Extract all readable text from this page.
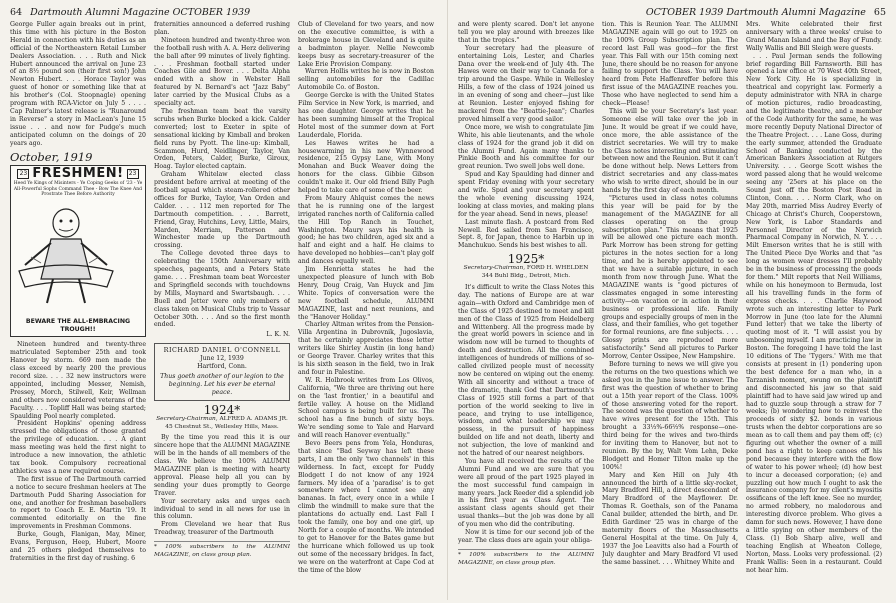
64 Dartmouth Alumni Magazine OCTOBER 1939

George Fuller again breaks out in print, this time with his picture in the Boston Herald in connection with his duties as an official of the Northeastern Retail Lumber Dealers Association. . . . Ruth and Nick Hubert announced the arrival on June 23 of an 8½ pound son (their first son!) John Newton Hubert. . . . Horace Taylor was guest of honor or something like that at his brother's (Col. Stoopnagle) opening program with RCA-Victor on July 5 . . . . Cap Palmer's latest release is "Runaround in Reverse" a story in MacLean's June 15 issue . . . and now for Pudge's much anticipated column on the doings of 20 years ago.

October, 1919
23 FRESHMEN! 23
Heed Ye Kings of Misinters - Ye Coping Geeks of '23 - Ye All-Powerful Sophs Command Thee - Bow The Knee And Prostrate Thee Before Authority
BEWARE THE ALL-EMBRACING TROUGH!!

Nineteen hundred and twenty-three matriculated September 25th and took Hanover by storm. 669 men made the class exceed by nearly 200 the previous record size. . . . 32 new instructors were appointed, including Messer, Nemish, Pressey, Morch, Stilwell, Keir, Wellman and others now considered veterans of the Faculty. . . . Topliff Hall was being started; Spaulding Pool nearly completed.

President Hopkins' opening address stressed the obligations of those granted the privilege of education. . . . A giant mass meeting was held the first night to introduce a new innovation, the athletic tax book. Compulsory recreational athletics was a new required course.

The first issue of The Dartmouth carried a notice to secure freshman heelers at The Dartmouth Pudd Sharing Association for one, and another for freshman baseballers to report to Coach E. E. Martin '19. It commented editorially on the fine improvements in Freshman Commons.

Burke, Gough, Flanigan, May, Miner, Evans, Ferguson, Heep, Hubert, Moore and 25 others pledged themselves to fraternities in the first day of rushing. 6

fraternities announced a deferred rushing plan.

Nineteen hundred and twenty-three won the football rush with A. A. Herz delivering the ball after 99 minutes of lively fighting. . . . Freshman football started under Coaches Gile and Bover. . . . Delta Alpha ended with a show in Webster Hall featured by N. Bernard's act "Jazz Baby" later carried by the Musical Clubs as a specialty act.

The freshman team beat the varsity scrubs when Burke blocked a kick. Calder converted; lost to Exeter in spite of sensational kicking by Kimball and broken field runs by Pyott. The line-up: Kimball, Scammon, Hurd, Neidlinger, Taylor, Van Orden, Peters, Calder, Burke, Giroux, Hoag. Taylor elected captain.

Graham Whitelaw elected class president before arrival at meeting of the football squad which steam-rollered other offices for Burke, Taylor, Van Orden and Calder. . . . 112 men reported for The Dartmouth competition. . . . Barrett, Friend, Gray, Hutchins, Levy, Little, Mairs, Marden, Merriam, Patterson and Winchester made up the Dartmouth crossing.

The College devoted three days to celebrating the 150th Anniversary with speeches, pageants, and a Peters State game. . . . Freshman team beat Worcester and Springfield seconds with touchdowns by Mills, Maynard and Swartsbaugh. . . . Buell and Jetter were only members of class taken on Musical Clubs trip to Vassar October 30th. . . . And so the first month ended.

L. K. N.
RICHARD DANIEL O'CONNELL
June 12, 1939
Hartford, Conn.
Thus goeth another of our legion to the beginning. Let his ever be eternal peace.
1924*
Secretary-Chairman, ALFRED A. ADAMS JR.
45 Chestnut St., Wellesley Hills, Mass.

By the time you read this it is our sincere hope that the ALUMNI MAGAZINE will be in the hands of all members of the class. We believe the 100% ALUMNI MAGAZINE plan is meeting with hearty approval. Please help all you can by sending your dues promptly to George Traver.

Your secretary asks and urges each individual to send in all news for use in this column.

From Cleveland we hear that Rus Treadway, treasurer of the Dartmouth

* 100% subscribers to the ALUMNI MAGAZINE, on class group plan.

Club of Cleveland for two years, and now on the executive committee, is with a brokerage house in Cleveland and is quite a badminton player. Nellie Newcomb keeps busy as secretary-treasurer of the Lake Erie Provision Company.

Warren Hollis writes he is now in Boston selling automobiles for the Cadillac Automobile Co. of Boston.

George Gercke is with the United States Film Service in New York, is married, and has one daughter. George writes that he has been summing himself at the Tropical Hotel most of the summer down at Fort Lauderdale, Florida.

Les Hawes writes he had a housewarming in his new Wynnewood residence, 215 Gypsy Lane, with Mony Monahan and Buck Weaver doing the honors for the class. Gibbie Gibson couldn't make it. Our old friend Billy Pugh helped to take care of some of the beer.

From Maury Ahlquist comes the news that he is running one of the largest irrigated ranches north of California called the Hill Top Ranch in Touchet, Washington. Maury says his health is good; he has two children, aged six and a half and eight and a half. He claims to have developed no hobbies—can't play golf and dances equally well.

Jim Henrietta states he had the unexpected pleasure of lunch with Bob Henry, Doug Craig, Van Huyck and Jim White. Topics of conversation were the new football schedule, ALUMNI MAGAZINE, last and next reunions, and the "Hanover Holiday."

Charley Altman writes from the Pension-Villa Argentina in Dubrovnik, Jugoslavia, that he certainly appreciates those letter writers like Shirley Austin (in long hand) or George Traver. Charley writes that this is his sixth season in the field, two in Irak and four in Palestine.

W. R. Holbrook writes from Los Olivos, California, "We three are thriving out here on the 'last frontier,' in a beautiful and fertile valley. A house on the Midland School campus is being built for us. The school has a fine bunch of sixty boys. We're sending some to Yale and Harvard and will reach Hanover eventually."

Bevo Beers pens from Yela, Honduras, that since "Bad Seyway has left these parts, I am the only 'two channels' in this wilderness. In fact, except for Puddy Blodgett I do not know of any 1924 farmers. My idea of a 'paradise' is to get somewhere where I cannot see any bananas. In fact, every once in a while I climb the windmill to make sure that the plantations do actually end. Last Fall I took the family, one boy and one girl, up North for a couple of months. We intended to get to Hanover for the Bates game but the hurricane which followed us up took out some of the necessary bridges. In fact, we were on the waterfront at Cape Cod at the time of the blow

OCTOBER 1939 Dartmouth Alumni Magazine 65

and were plenty scared. Don't let anyone tell you we play around with breezes like that in the tropics."

Your secretary had the pleasure of entertaining Lois, Lester, and Charles Dana over the week-end of July 4th. The Hawes were on their way to Canada for a trip around the Gaspe. While in Wellesley Hills, a few of the class of 1924 joined us in an evening of song and cheer—just like at Reunion. Lester enjoyed fishing for mackerel from the "Beattie-Jean"; Charles proved himself a very good sailor.

Once more, we wish to congratulate Jim White, his able lieutenants, and the whole class of 1924 for the grand job it did on the Alumni Fund. Again many thanks to Pinkie Booth and his committee for our great reunion. Two swell jobs well done.

Spud and Kay Spaulding had dinner and spent Friday evening with your secretary and wife. Spud and your secretary spent the whole evening discussing 1924, looking at class movies, and making plans for the year ahead. Send in news, please!

Last minute flash. A postcard from Red Newell. Red sailed from San Francisco, Sept. 8, for Japan, thence to Harbin up in Manchukuo. Sends his best wishes to all.

1925*
Secretary-Chairman, FORD H. WHELDEN
344 Buhl Bldg., Detroit, Mich.

It's difficult to write the Class Notes this day. The nations of Europe are at war again—with Oxford and Cambridge men of the Class of 1925 destined to meet and kill men of the Class of 1925 from Heidelberg and Wittenberg. All the progress made by the great world powers in science and in wisdom now will be turned to thoughts of death and destruction. All the combined intelligences of hundreds of millions of so-called civilized people must of necessity now be centered on wiping out the enemy. With all sincerity and without a trace of the dramatic, thank God that Dartmouth's Class of 1925 still forms a part of that portion of the world seeking to live in peace, and trying to use intelligence, wisdom, and what leadership we may possess, in the pursuit of happiness builded on life and not death, liberty and not subjection, the love of mankind and not the hatred of our nearest neighbors.

You have all received the results of the Alumni Fund and we are sure that you were all proud of the part 1925 played in the most successful fund campaign in many years. Jack Reeder did a splendid job in his first year as Class Agent. The assistant class agents should get their usual thanks—but the job was done by all of you men who did the contributing.

Now it is time for our second job of the year. The class dues are again your obliga-

* 100% subscribers to the ALUMNI MAGAZINE, on class group plan.

tion. This is Reunion Year. The ALUMNI MAGAZINE again will go out to 1925 on the 100% Group Subscription plan. The record last Fall was good—for the first year. This Fall with our 15th coming next June, there should be no reason for anyone failing to support the Class. You will have heard from Pete Haffenreffer before this first issue of the MAGAZINE reaches you. Those who have neglected to send him a check—Please!

This will be your Secretary's last year. Someone else will take over the job in June. It would be great if we could have, once more, the able assistance of the district secretaries. We will try to make the Class notes interesting and stimulating between now and the Reunion. But it can't be done without help. News Letters from district secretaries and any class-mates who wish to write direct, should be in our hands by the first day of each month.

"Pictures used in class notes columns this year will be paid for by the management of the MAGAZINE for all classes operating on the group subscription plan." This means that 1925 will be allowed one picture each month. Park Morrow has been strong for getting pictures in the notes section for a long time, and he is hereby appointed to see that we have a suitable picture, in each month from now through June. What the MAGAZINE wants is "good pictures of classmates engaged in some interesting activity—on vacation or in action in their business or professional life. Family groups and especially groups of men in the class, and their families, who get together for formal reunions, are fine subjects. . . . Glossy prints are reproduced more satisfactorily." Send all pictures to Parker Morrow, Center Ossipee, New Hampshire.

Before turning to news we will give you the returns on the two questions which we asked you in the June issue to answer. The first was the question of whether to bring out a 15th year report of the Class. 100% of those answering voted for the report. The second was the question of whether to have wives present for the 15th. This brought a 33⅓%-66⅔% response—one-third being for the wives and two-thirds for inviting them to Hanover, but not to reunion. By the by, Walt Vom Lehn, Deke Blodgett and Homer Tilton make up the 100%!

Mary and Ken Hill on July 4th announced the birth of a little sky-rocket, Mary Bradford Hill, a direct descendant of Mary Bradford of the Mayflower. Dr. Thomas R. Goethals, son of the Panama Canal builder, attended the birth, and Dr. Edith Gardiner '25 was in charge of the maternity floors of the Massachusetts General Hospital at the time. On July 4, 1937 the Joe Leavitts also had a Fourth of July daughter and Mary Bradford VI used the same bassinet. . . . Whitney White and

Mrs. White celebrated their first anniversary with a three weeks' cruise to Grand Manan Island and the Bay of Fundy. Wally Wallis and Bill Sleigh were guests.

. . . Paul Jerman sends the following brief regarding Bill Farnsworth. Bill has opened a law office at 70 West 40th Street, New York City. He is specializing in theatrical and copyright law. Formerly a deputy administrator with NRA in charge of motion pictures, radio broadcasting, and the legitimate theatre, and a member of the Code Authority for the same, he was more recently Deputy National Director of the Theatre Project. . . . Lane Goss, during the early summer, attended the Graduate School of Banking conducted by the American Bankers Association at Rutgers University. . . . George Scott wishes the word passed along that he would welcome seeing any '25ers at his place on the Sound just off the Boston Post Road in Clinton, Conn. . . . Norm Clark, who on May 20th, married Miss Audrey Everly of Chicago at Christ's Church, Cooperstown, New York, is Labor Standards and Personnel Director of the Norwich Pharmacal Company in Norwich, N. Y. . . . Milt Emerson writes that he is still with The United Piece Dye Works and that "as long as women wear dresses I'll probably be in the business of processing the goods for them." Milt reports that Neil Williams, while on his honeymoon to Bermuda, lost all his travelling funds in the form of express checks. . . . Charlie Haywood wrote such an interesting letter to Park Morrow in June (too late for the Alumni Fund letter) that we take the liberty of quoting most of it. "I will assist you by unbosoming myself. I am practicing law in Boston. The foregoing I have told the last 10 editions of The 'Tygers.' With me that consists at present in (1) pondering upon the best defence for a man who, in a Tarzanish moment, swung on the plaintiff and disconnected his jaw so that said plaintiff had to have said jaw wired up and had to guzzle soup through a straw for 7 weeks; (b) wondering how to reinvest the proceeds of sixty $2. bonds in various trusts when the debtor corporations are so mean as to call them and pay them off; (c) figuring out whether the owner of a mill pond has a right to keep canoes off his pond because they interfere with the flow of water to his power wheel; (d) how best to incur a deceased corporation; (e) and puzzling out how much I ought to ask the insurance company for my client's myositis ossificans of the left knee. See no murder, no armed robbery, no malodorous and interesting divorce problem. Who gives a damn for such news. However, I have done a little spying on other members of the Class. (1) Bob Sharp alive, well and teaching English at Wheaton College, Norton, Mass. Looks very professional. (2) Frank Wallis: Seen in a restaurant. Could not hear him.
